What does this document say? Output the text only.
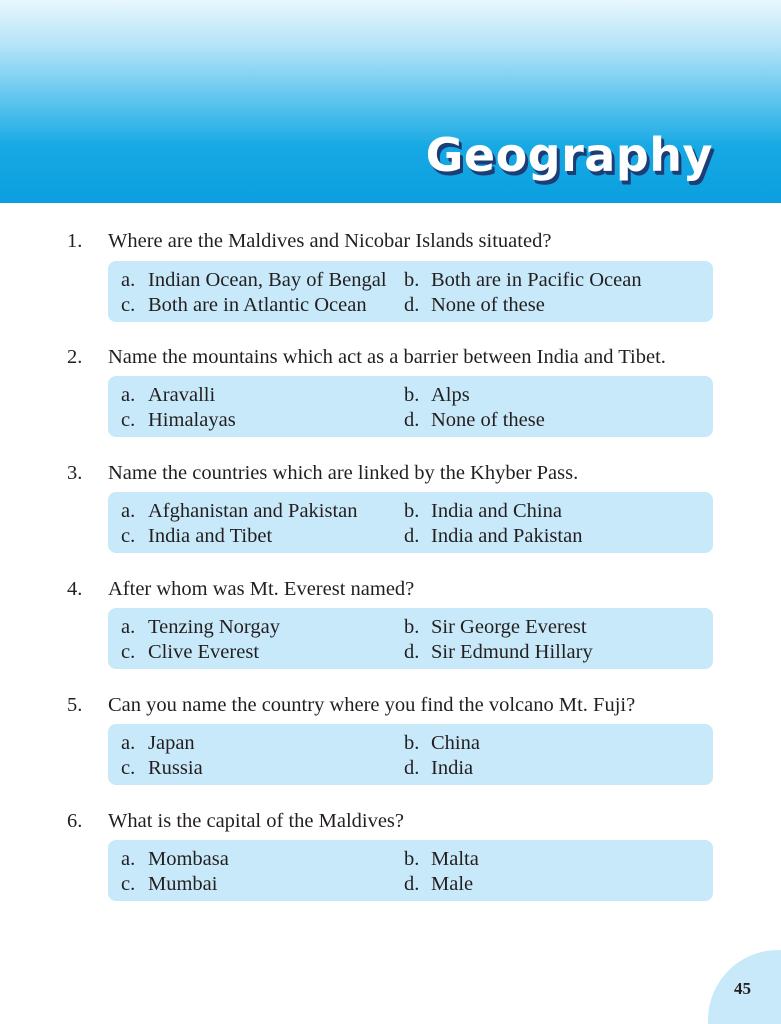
Geography
1. Where are the Maldives and Nicobar Islands situated?
a. Indian Ocean, Bay of Bengal b. Both are in Pacific Ocean
c. Both are in Atlantic Ocean d. None of these
2. Name the mountains which act as a barrier between India and Tibet.
a. Aravalli	b. Alps
c. Himalayas	d. None of these
3. Name the countries which are linked by the Khyber Pass.
a. Afghanistan and Pakistan b. India and China
c. India and Tibet	d. India and Pakistan
4. After whom was Mt. Everest named?
a. Tenzing Norgay	b. Sir George Everest
c. Clive Everest	d. Sir Edmund Hillary
5. Can you name the country where you find the volcano Mt. Fuji?
a. Japan	b. China
c. Russia	d. India
6. What is the capital of the Maldives?
a. Mombasa	b. Malta
c. Mumbai	d. Male
45
